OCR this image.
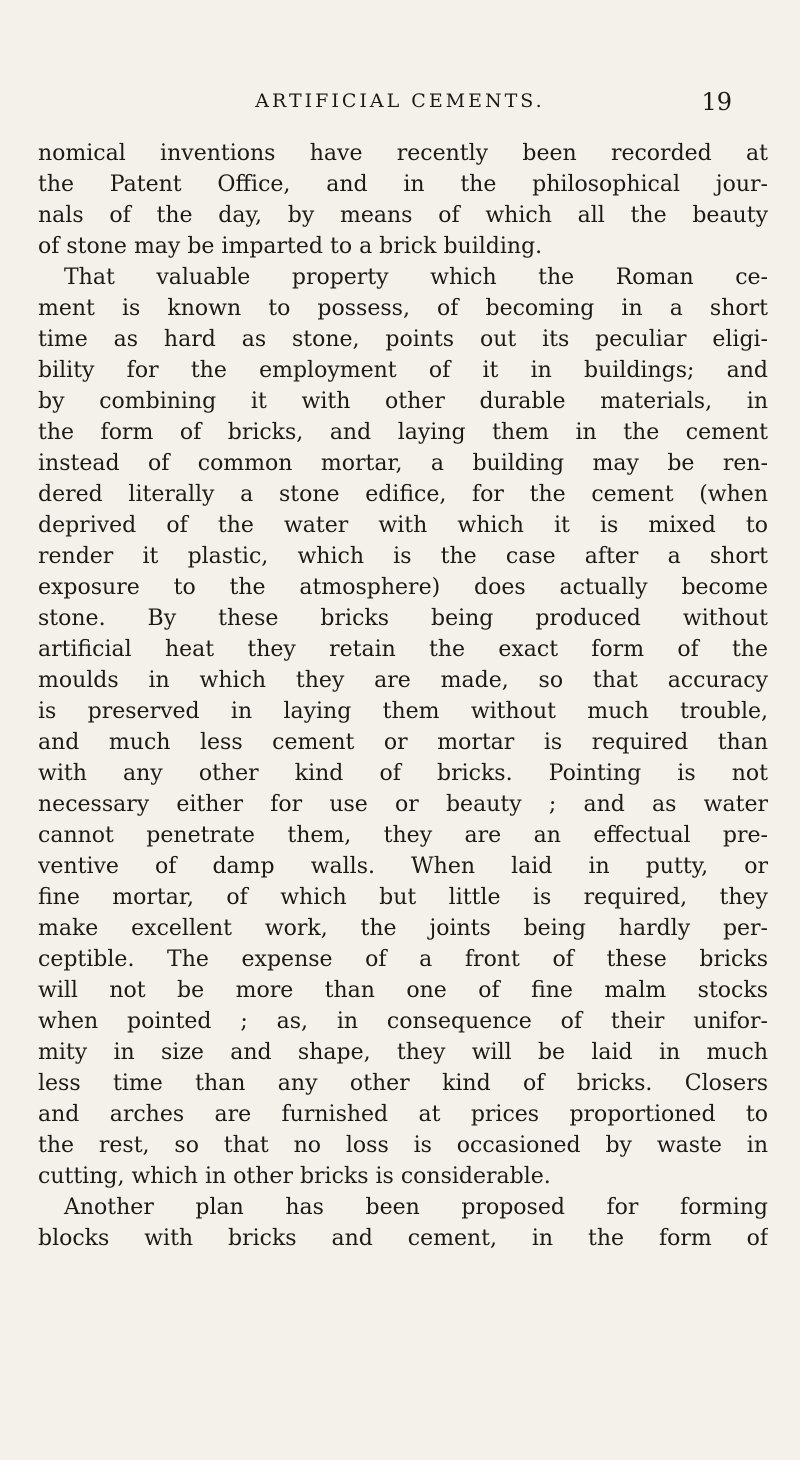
ARTIFICIAL CEMENTS.	19
nomical inventions have recently been recorded at
the Patent Office, and in the philosophical jour-
nals of the day, by means of which all the beauty
of stone may be imparted to a brick building.
That valuable property which the Roman ce-
ment is known to possess, of becoming in a short
time as hard as stone, points out its peculiar eligi-
bility for the employment of it in buildings; and
by combining it with other durable materials, in
the form of bricks, and laying them in the cement
instead of common mortar, a building may be ren-
dered literally a stone edifice, for the cement (when
deprived of the water with which it is mixed to
render it plastic, which is the case after a short
exposure to the atmosphere) does actually become
stone. By these bricks being produced without
artificial heat they retain the exact form of the
moulds in which they are made, so that accuracy
is preserved in laying them without much trouble,
and much less cement or mortar is required than
with any other kind of bricks. Pointing is not
necessary either for use or beauty ; and as water
cannot penetrate them, they are an effectual pre-
ventive of damp walls. When laid in putty, or
fine mortar, of which but little is required, they
make excellent work, the joints being hardly per-
ceptible. The expense of a front of these bricks
will not be more than one of fine malm stocks
when pointed ; as, in consequence of their unifor-
mity in size and shape, they will be laid in much
less time than any other kind of bricks. Closers
and arches are furnished at prices proportioned to
the rest, so that no loss is occasioned by waste in
cutting, which in other bricks is considerable.
Another plan has been proposed for forming
blocks with bricks and cement, in the form of
